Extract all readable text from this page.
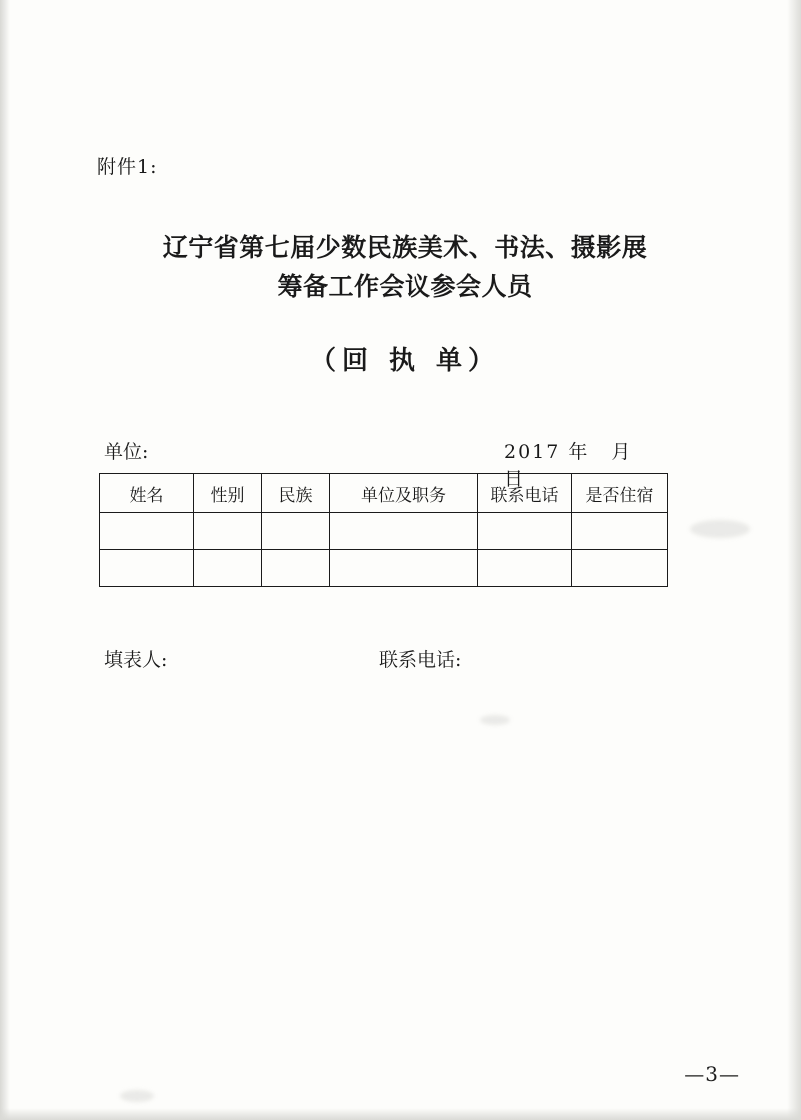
附件1:
辽宁省第七届少数民族美术、书法、摄影展
筹备工作会议参会人员
（回 执 单）
单位:	2017 年 月日
姓名	性别	民族	单位及职务	联系电话	是否住宿

填表人:	联系电话:
—3—
